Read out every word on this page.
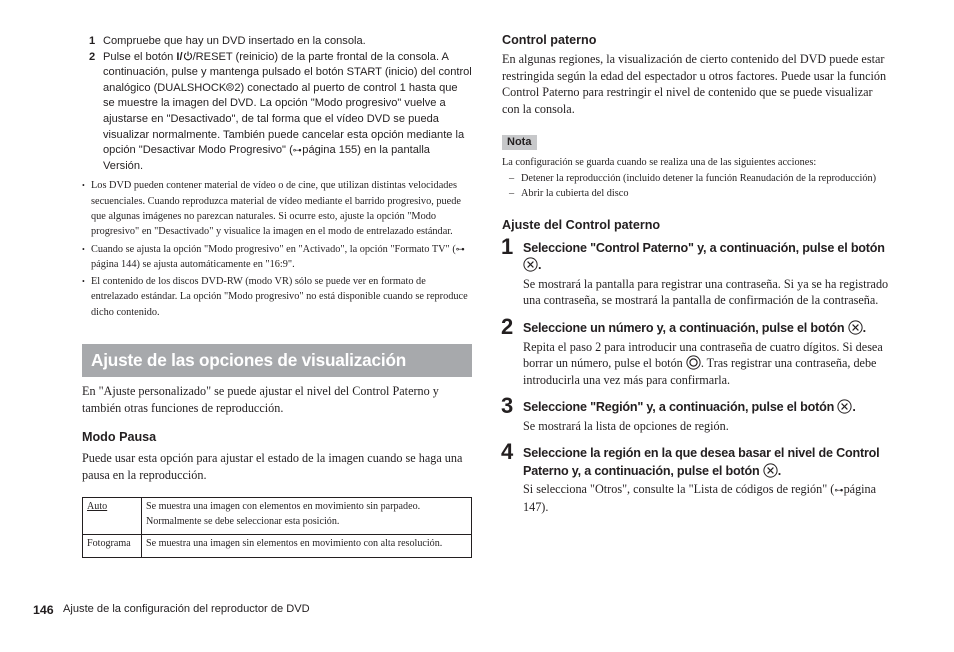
1 Compruebe que hay un DVD insertado en la consola.
2 Pulse el botón I/ /RESET (reinicio) de la parte frontal de la consola. A continuación, pulse y mantenga pulsado el botón START (inicio) del control analógico (DUALSHOCK R 2) conectado al puerto de control 1 hasta que se muestre la imagen del DVD. La opción "Modo progresivo" vuelve a ajustarse en "Desactivado", de tal forma que el vídeo DVD se pueda visualizar normalmente. También puede cancelar esta opción mediante la opción "Desactivar Modo Progresivo" (⊶ página 155) en la pantalla Versión.
• Los DVD pueden contener material de vídeo o de cine, que utilizan distintas velocidades secuenciales. Cuando reproduzca material de vídeo mediante el barrido progresivo, puede que algunas imágenes no parezcan naturales. Si ocurre esto, ajuste la opción "Modo progresivo" en "Desactivado" y visualice la imagen en el modo de entrelazado estándar.
• Cuando se ajusta la opción "Modo progresivo" en "Activado", la opción "Formato TV" (⊶ página 144) se ajusta automáticamente en "16:9".
• El contenido de los discos DVD-RW (modo VR) sólo se puede ver en formato de entrelazado estándar. La opción "Modo progresivo" no está disponible cuando se reproduce dicho contenido.
Ajuste de las opciones de visualización

En "Ajuste personalizado" se puede ajustar el nivel del Control Paterno y también otras funciones de reproducción.

Modo Pausa

Puede usar esta opción para ajustar el estado de la imagen cuando se haga una pausa en la reproducción.

Auto	Se muestra una imagen con elementos en movimiento sin parpadeo. Normalmente se debe seleccionar esta posición.
Fotograma	Se muestra una imagen sin elementos en movimiento con alta resolución.
146 Ajuste de la configuración del reproductor de DVD
Control paterno

En algunas regiones, la visualización de cierto contenido del DVD puede estar restringida según la edad del espectador u otros factores. Puede usar la función Control Paterno para restringir el nivel de contenido que se puede visualizar con la consola.

Nota

La configuración se guarda cuando se realiza una de las siguientes acciones:

– Detener la reproducción (incluido detener la función Reanudación de la reproducción)
– Abrir la cubierta del disco
Ajuste del Control paterno
1 Seleccione "Control Paterno" y, a continuación, pulse el botón .

Se mostrará la pantalla para registrar una contraseña. Si ya se ha registrado una contraseña, se mostrará la pantalla de confirmación de la contraseña.

2 Seleccione un número y, a continuación, pulse el botón .

Repita el paso 2 para introducir una contraseña de cuatro dígitos. Si desea borrar un número, pulse el botón . Tras registrar una contraseña, debe introducirla una vez más para confirmarla.

3 Seleccione "Región" y, a continuación, pulse el botón .

Se mostrará la lista de opciones de región.

4 Seleccione la región en la que desea basar el nivel de Control Paterno y, a continuación, pulse el botón .

Si selecciona "Otros", consulte la "Lista de códigos de región" (⊶ página 147).
